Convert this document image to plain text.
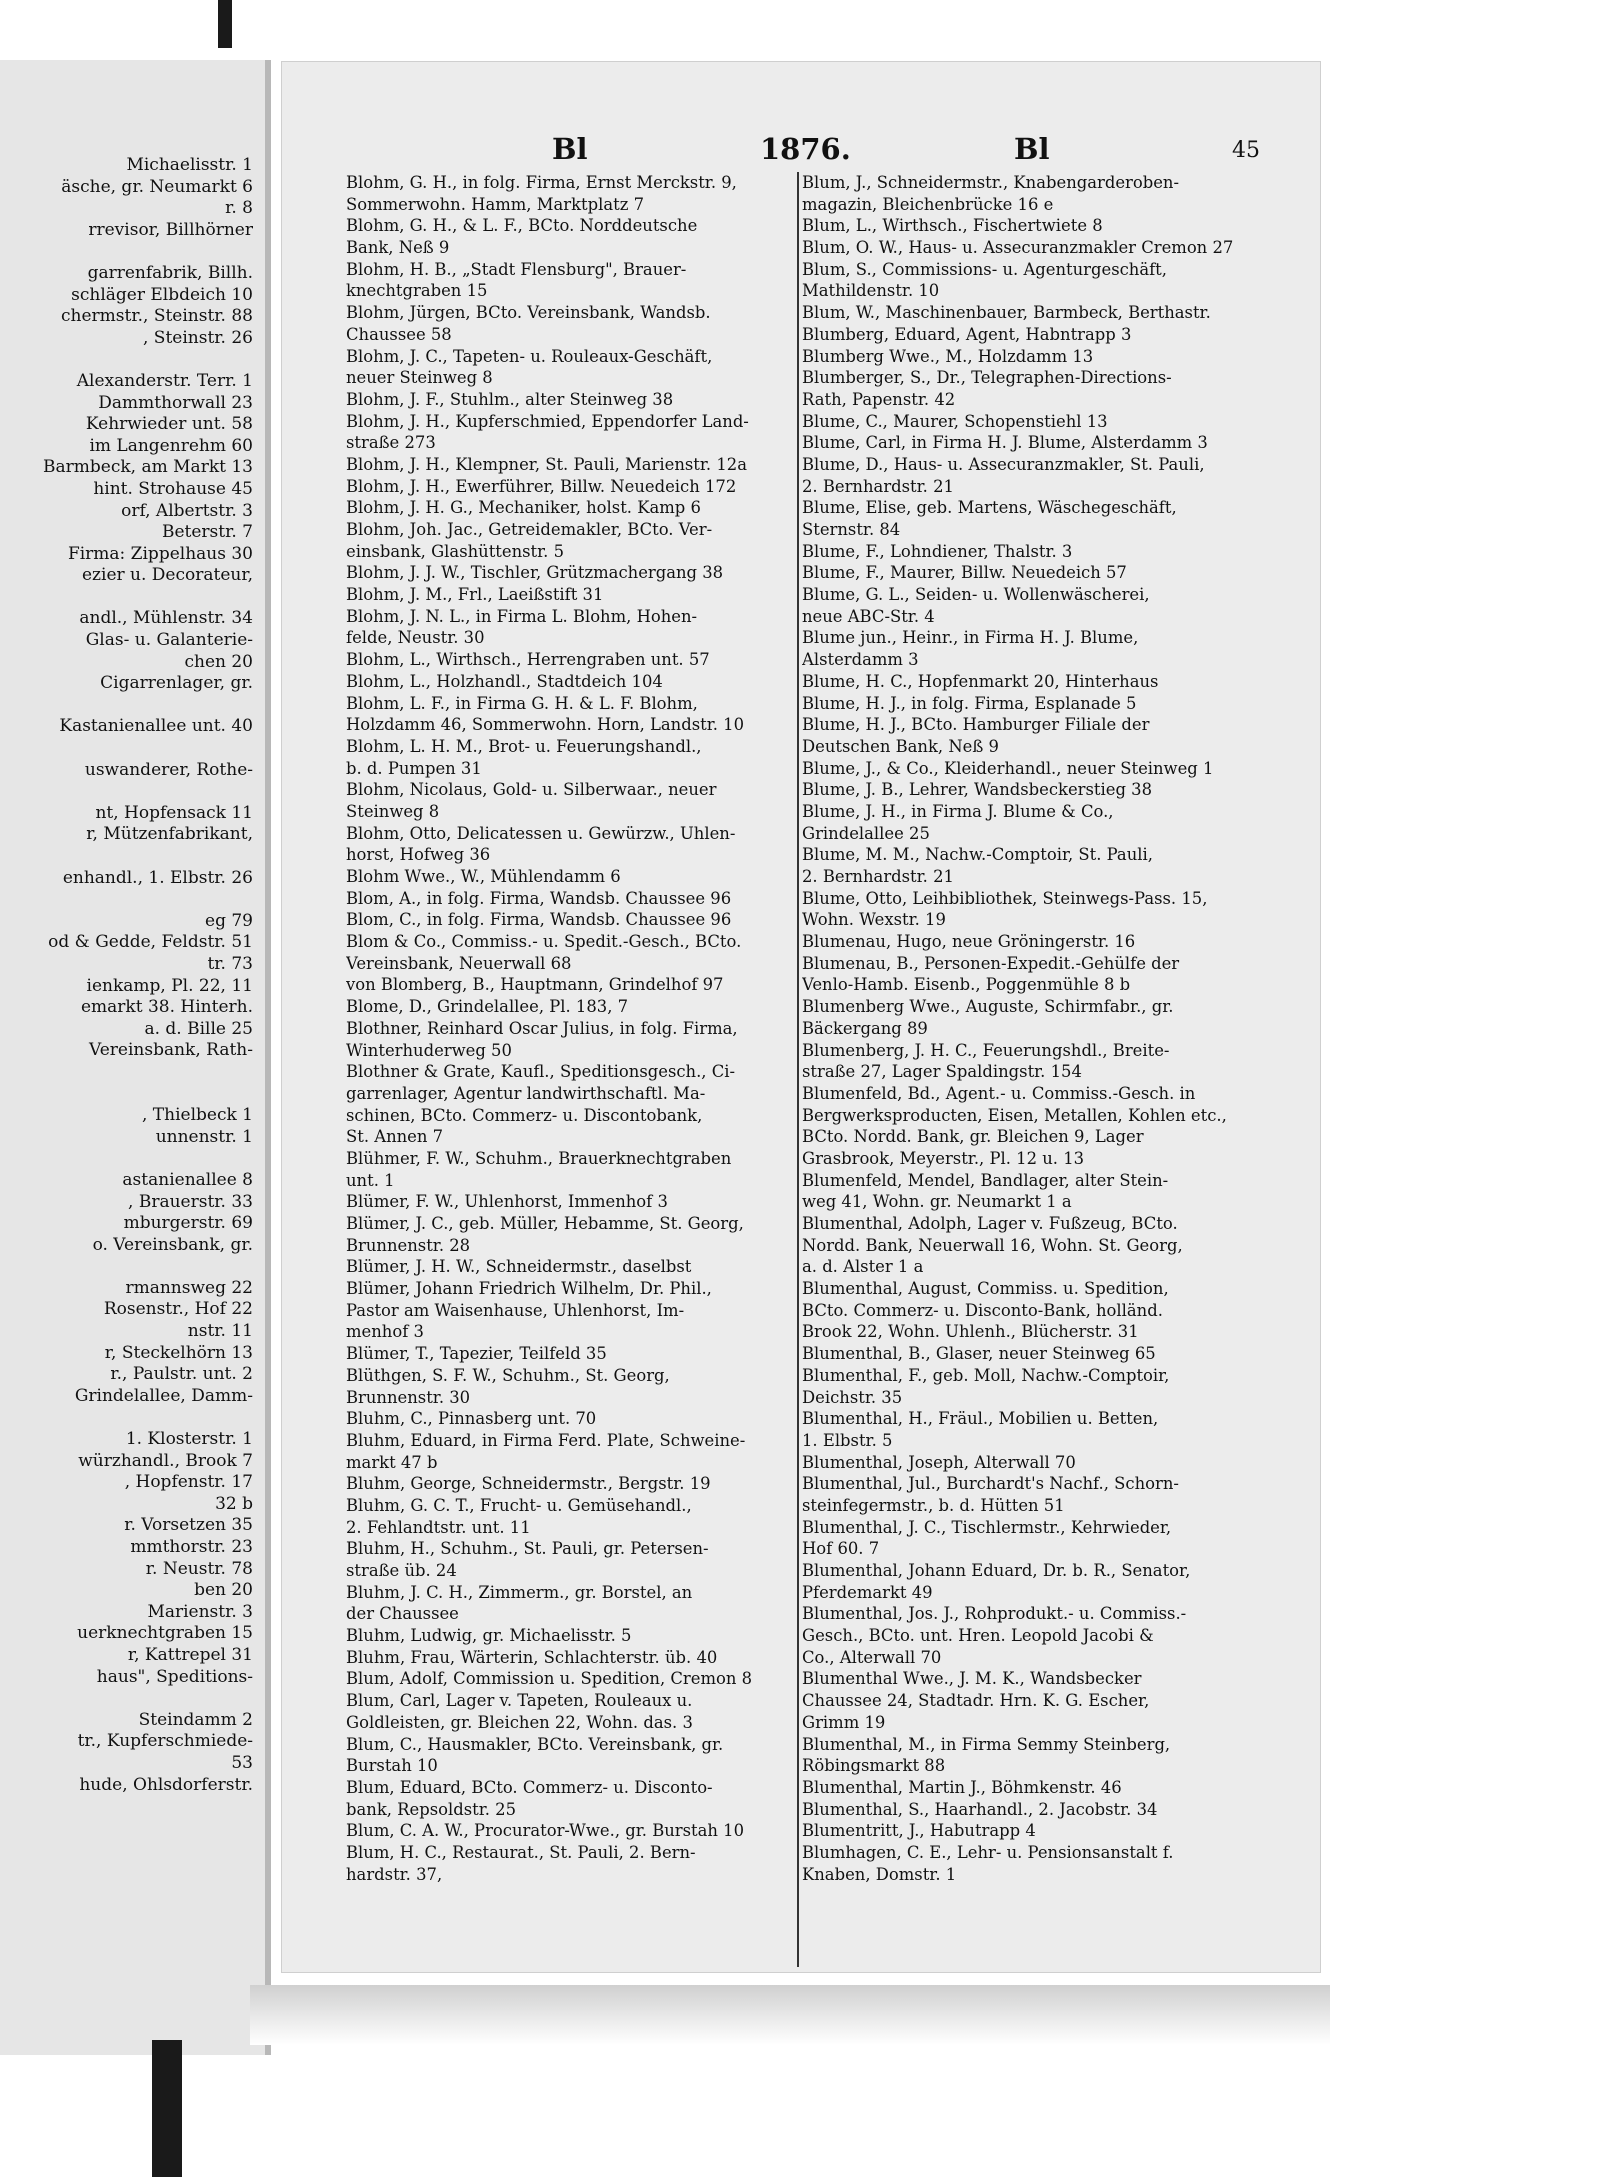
Michaelisstr. 1
äsche, gr. Neumarkt 6
r. 8
rrevisor, Billhörner
garrenfabrik, Billh.
schläger Elbdeich 10
chermstr., Steinstr. 88
, Steinstr. 26
Alexanderstr. Terr. 1
Dammthorwall 23
Kehrwieder unt. 58
im Langenrehm 60
Barmbeck, am Markt 13
hint. Strohause 45
orf, Albertstr. 3
Beterstr. 7
Firma: Zippelhaus 30
ezier u. Decorateur,
andl., Mühlenstr. 34
Glas- u. Galanterie-
chen 20
Cigarrenlager, gr.
Kastanienallee unt. 40
uswanderer, Rothe-
nt, Hopfensack 11
r, Mützenfabrikant,
enhandl., 1. Elbstr. 26
eg 79
od & Gedde, Feldstr. 51
tr. 73
ienkamp, Pl. 22, 11
emarkt 38. Hinterh.
a. d. Bille 25
Vereinsbank, Rath-
, Thielbeck 1
unnenstr. 1
astanienallee 8
, Brauerstr. 33
mburgerstr. 69
o. Vereinsbank, gr.
rmannsweg 22
Rosenstr., Hof 22
nstr. 11
r, Steckelhörn 13
r., Paulstr. unt. 2
Grindelallee, Damm-
1. Klosterstr. 1
würzhandl., Brook 7
, Hopfenstr. 17
32 b
r. Vorsetzen 35
mmthorstr. 23
r. Neustr. 78
ben 20
Marienstr. 3
uerknechtgraben 15
r, Kattrepel 31
haus", Speditions-
Steindamm 2
tr., Kupferschmiede-
53
hude, Ohlsdorferstr.
Bl	1876.	Bl	45
Blohm, G. H., in folg. Firma, Ernst Merckstr. 9,
Sommerwohn. Hamm, Marktplatz 7
Blohm, G. H., & L. F., BCto. Norddeutsche
Bank, Neß 9
Blohm, H. B., „Stadt Flensburg", Brauer-
knechtgraben 15
Blohm, Jürgen, BCto. Vereinsbank, Wandsb.
Chaussee 58
Blohm, J. C., Tapeten- u. Rouleaux-Geschäft,
neuer Steinweg 8
Blohm, J. F., Stuhlm., alter Steinweg 38
Blohm, J. H., Kupferschmied, Eppendorfer Land-
straße 273
Blohm, J. H., Klempner, St. Pauli, Marienstr. 12a
Blohm, J. H., Ewerführer, Billw. Neuedeich 172
Blohm, J. H. G., Mechaniker, holst. Kamp 6
Blohm, Joh. Jac., Getreidemakler, BCto. Ver-
einsbank, Glashüttenstr. 5
Blohm, J. J. W., Tischler, Grützmachergang 38
Blohm, J. M., Frl., Laeißstift 31
Blohm, J. N. L., in Firma L. Blohm, Hohen-
felde, Neustr. 30
Blohm, L., Wirthsch., Herrengraben unt. 57
Blohm, L., Holzhandl., Stadtdeich 104
Blohm, L. F., in Firma G. H. & L. F. Blohm,
Holzdamm 46, Sommerwohn. Horn, Landstr. 10
Blohm, L. H. M., Brot- u. Feuerungshandl.,
b. d. Pumpen 31
Blohm, Nicolaus, Gold- u. Silberwaar., neuer
Steinweg 8
Blohm, Otto, Delicatessen u. Gewürzw., Uhlen-
horst, Hofweg 36
Blohm Wwe., W., Mühlendamm 6
Blom, A., in folg. Firma, Wandsb. Chaussee 96
Blom, C., in folg. Firma, Wandsb. Chaussee 96
Blom & Co., Commiss.- u. Spedit.-Gesch., BCto.
Vereinsbank, Neuerwall 68
von Blomberg, B., Hauptmann, Grindelhof 97
Blome, D., Grindelallee, Pl. 183, 7
Blothner, Reinhard Oscar Julius, in folg. Firma,
Winterhuderweg 50
Blothner & Grate, Kaufl., Speditionsgesch., Ci-
garrenlager, Agentur landwirthschaftl. Ma-
schinen, BCto. Commerz- u. Discontobank,
St. Annen 7
Blühmer, F. W., Schuhm., Brauerknechtgraben
unt. 1
Blümer, F. W., Uhlenhorst, Immenhof 3
Blümer, J. C., geb. Müller, Hebamme, St. Georg,
Brunnenstr. 28
Blümer, J. H. W., Schneidermstr., daselbst
Blümer, Johann Friedrich Wilhelm, Dr. Phil.,
Pastor am Waisenhause, Uhlenhorst, Im-
menhof 3
Blümer, T., Tapezier, Teilfeld 35
Blüthgen, S. F. W., Schuhm., St. Georg,
Brunnenstr. 30
Bluhm, C., Pinnasberg unt. 70
Bluhm, Eduard, in Firma Ferd. Plate, Schweine-
markt 47 b
Bluhm, George, Schneidermstr., Bergstr. 19
Bluhm, G. C. T., Frucht- u. Gemüsehandl.,
2. Fehlandtstr. unt. 11
Bluhm, H., Schuhm., St. Pauli, gr. Petersen-
straße üb. 24
Bluhm, J. C. H., Zimmerm., gr. Borstel, an
der Chaussee
Bluhm, Ludwig, gr. Michaelisstr. 5
Bluhm, Frau, Wärterin, Schlachterstr. üb. 40
Blum, Adolf, Commission u. Spedition, Cremon 8
Blum, Carl, Lager v. Tapeten, Rouleaux u.
Goldleisten, gr. Bleichen 22, Wohn. das. 3
Blum, C., Hausmakler, BCto. Vereinsbank, gr.
Burstah 10
Blum, Eduard, BCto. Commerz- u. Disconto-
bank, Repsoldstr. 25
Blum, C. A. W., Procurator-Wwe., gr. Burstah 10
Blum, H. C., Restaurat., St. Pauli, 2. Bern-
hardstr. 37,
Blum, J., Schneidermstr., Knabengarderoben-
magazin, Bleichenbrücke 16 e
Blum, L., Wirthsch., Fischertwiete 8
Blum, O. W., Haus- u. Assecuranzmakler Cremon 27
Blum, S., Commissions- u. Agenturgeschäft,
Mathildenstr. 10
Blum, W., Maschinenbauer, Barmbeck, Berthastr.
Blumberg, Eduard, Agent, Habntrapp 3
Blumberg Wwe., M., Holzdamm 13
Blumberger, S., Dr., Telegraphen-Directions-
Rath, Papenstr. 42
Blume, C., Maurer, Schopenstiehl 13
Blume, Carl, in Firma H. J. Blume, Alsterdamm 3
Blume, D., Haus- u. Assecuranzmakler, St. Pauli,
2. Bernhardstr. 21
Blume, Elise, geb. Martens, Wäschegeschäft,
Sternstr. 84
Blume, F., Lohndiener, Thalstr. 3
Blume, F., Maurer, Billw. Neuedeich 57
Blume, G. L., Seiden- u. Wollenwäscherei,
neue ABC-Str. 4
Blume jun., Heinr., in Firma H. J. Blume,
Alsterdamm 3
Blume, H. C., Hopfenmarkt 20, Hinterhaus
Blume, H. J., in folg. Firma, Esplanade 5
Blume, H. J., BCto. Hamburger Filiale der
Deutschen Bank, Neß 9
Blume, J., & Co., Kleiderhandl., neuer Steinweg 1
Blume, J. B., Lehrer, Wandsbeckerstieg 38
Blume, J. H., in Firma J. Blume & Co.,
Grindelallee 25
Blume, M. M., Nachw.-Comptoir, St. Pauli,
2. Bernhardstr. 21
Blume, Otto, Leihbibliothek, Steinwegs-Pass. 15,
Wohn. Wexstr. 19
Blumenau, Hugo, neue Gröningerstr. 16
Blumenau, B., Personen-Expedit.-Gehülfe der
Venlo-Hamb. Eisenb., Poggenmühle 8 b
Blumenberg Wwe., Auguste, Schirmfabr., gr.
Bäckergang 89
Blumenberg, J. H. C., Feuerungshdl., Breite-
straße 27, Lager Spaldingstr. 154
Blumenfeld, Bd., Agent.- u. Commiss.-Gesch. in
Bergwerksproducten, Eisen, Metallen, Kohlen etc.,
BCto. Nordd. Bank, gr. Bleichen 9, Lager
Grasbrook, Meyerstr., Pl. 12 u. 13
Blumenfeld, Mendel, Bandlager, alter Stein-
weg 41, Wohn. gr. Neumarkt 1 a
Blumenthal, Adolph, Lager v. Fußzeug, BCto.
Nordd. Bank, Neuerwall 16, Wohn. St. Georg,
a. d. Alster 1 a
Blumenthal, August, Commiss. u. Spedition,
BCto. Commerz- u. Disconto-Bank, holländ.
Brook 22, Wohn. Uhlenh., Blücherstr. 31
Blumenthal, B., Glaser, neuer Steinweg 65
Blumenthal, F., geb. Moll, Nachw.-Comptoir,
Deichstr. 35
Blumenthal, H., Fräul., Mobilien u. Betten,
1. Elbstr. 5
Blumenthal, Joseph, Alterwall 70
Blumenthal, Jul., Burchardt's Nachf., Schorn-
steinfegermstr., b. d. Hütten 51
Blumenthal, J. C., Tischlermstr., Kehrwieder,
Hof 60. 7
Blumenthal, Johann Eduard, Dr. b. R., Senator,
Pferdemarkt 49
Blumenthal, Jos. J., Rohprodukt.- u. Commiss.-
Gesch., BCto. unt. Hren. Leopold Jacobi &
Co., Alterwall 70
Blumenthal Wwe., J. M. K., Wandsbecker
Chaussee 24, Stadtadr. Hrn. K. G. Escher,
Grimm 19
Blumenthal, M., in Firma Semmy Steinberg,
Röbingsmarkt 88
Blumenthal, Martin J., Böhmkenstr. 46
Blumenthal, S., Haarhandl., 2. Jacobstr. 34
Blumentritt, J., Habutrapp 4
Blumhagen, C. E., Lehr- u. Pensionsanstalt f.
Knaben, Domstr. 1
